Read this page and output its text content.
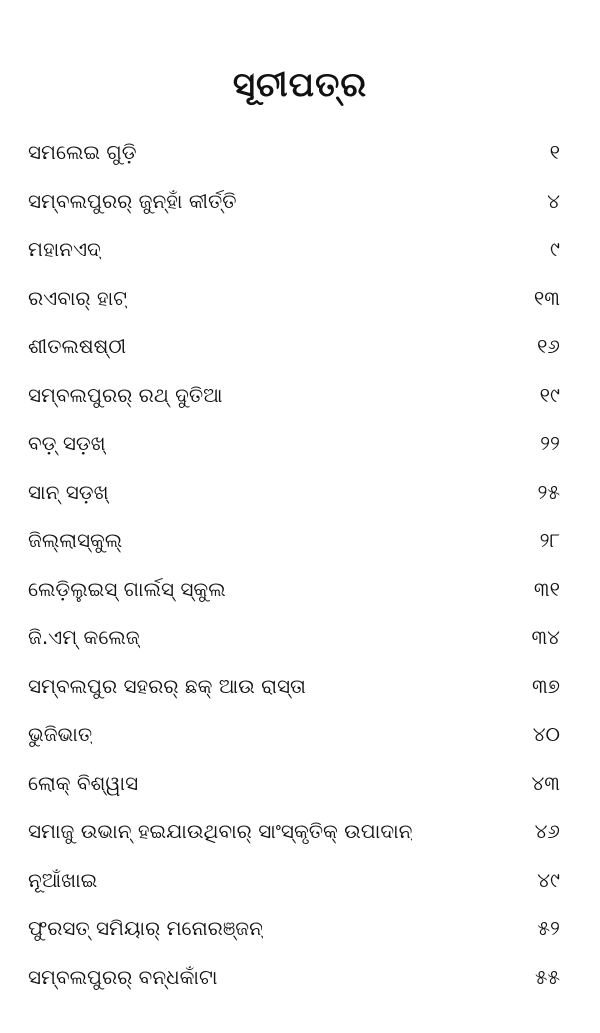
ସୂଚୀପତ୍ର
ସମଲେଇ ଗୁଡ଼ି	୧
ସମ୍ବଲପୁରର୍ ଜୁନ୍‌ହାଁ କୀର୍ତ୍ତି	୪
ମହାନଏଦ୍	୯
ରଏବାର୍ ହାଟ୍	୧୩
ଶୀତଲଷଷ୍ଠୀ	୧୬
ସମ୍ବଲପୁରର୍ ରଥ୍ ଦୁତିଆ	୧୯
ବଡ଼୍ ସଡ଼ଖ୍	୨୨
ସାନ୍ ସଡ଼ଖ୍	୨୫
ଜିଲ୍ଲାସ୍କୁଲ୍	୨୮
ଲେଡ଼ିଲୁଇସ୍ ଗାର୍ଲସ୍ ସ୍କୁଲ	୩୧
ଜି.ଏମ୍ କଲେଜ୍	୩୪
ସମ୍ବଲପୁର ସହରର୍ ଛକ୍ ଆଉ ରାସ୍ତା	୩୭
ଭୁଜିଭାତ୍	୪୦
ଲୋକ୍ ବିଶ୍ୱାସ	୪୩
ସମାଜୁ ଉଭାନ୍ ହଇଯାଉଥିବାର୍ ସାଂସ୍କୃତିକ୍ ଉପାଦାନ୍	୪୬
ନୂଆଁଖାଇ	୪୯
ଫୁରସତ୍ ସମିୟାର୍ ମନୋରଞ୍ଜନ୍	୫୨
ସମ୍ବଲପୁରର୍ ବନ୍ଧକାଁଟା	୫୫
